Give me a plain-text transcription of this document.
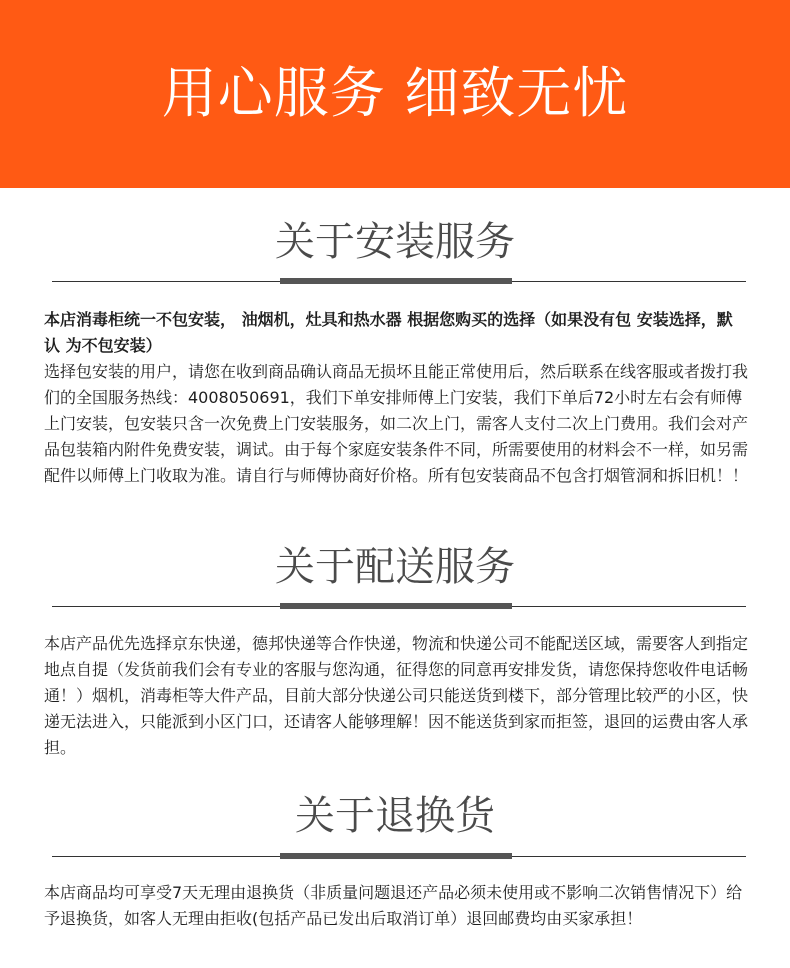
用心服务 细致无忧
关于安装服务
本店消毒柜统一不包安装， 油烟机，灶具和热水器 根据您购买的选择（如果没有包 安装选择，默认 为不包安装）
选择包安装的用户，请您在收到商品确认商品无损坏且能正常使用后，然后联系在线客服或者拨打我们的全国服务热线：4008050691，我们下单安排师傅上门安装，我们下单后72小时左右会有师傅上门安装，包安装只含一次免费上门安装服务，如二次上门，需客人支付二次上门费用。我们会对产品包装箱内附件免费安装，调试。由于每个家庭安装条件不同，所需要使用的材料会不一样，如另需配件以师傅上门收取为准。请自行与师傅协商好价格。所有包安装商品不包含打烟管洞和拆旧机！！
关于配送服务
本店产品优先选择京东快递，德邦快递等合作快递，物流和快递公司不能配送区域，需要客人到指定地点自提（发货前我们会有专业的客服与您沟通，征得您的同意再安排发货，请您保持您收件电话畅通！）烟机，消毒柜等大件产品，目前大部分快递公司只能送货到楼下，部分管理比较严的小区，快递无法进入，只能派到小区门口，还请客人能够理解！因不能送货到家而拒签，退回的运费由客人承担。
关于退换货
本店商品均可享受7天无理由退换货（非质量问题退还产品必须未使用或不影响二次销售情况下）给予退换货，如客人无理由拒收(包括产品已发出后取消订单）退回邮费均由买家承担！
